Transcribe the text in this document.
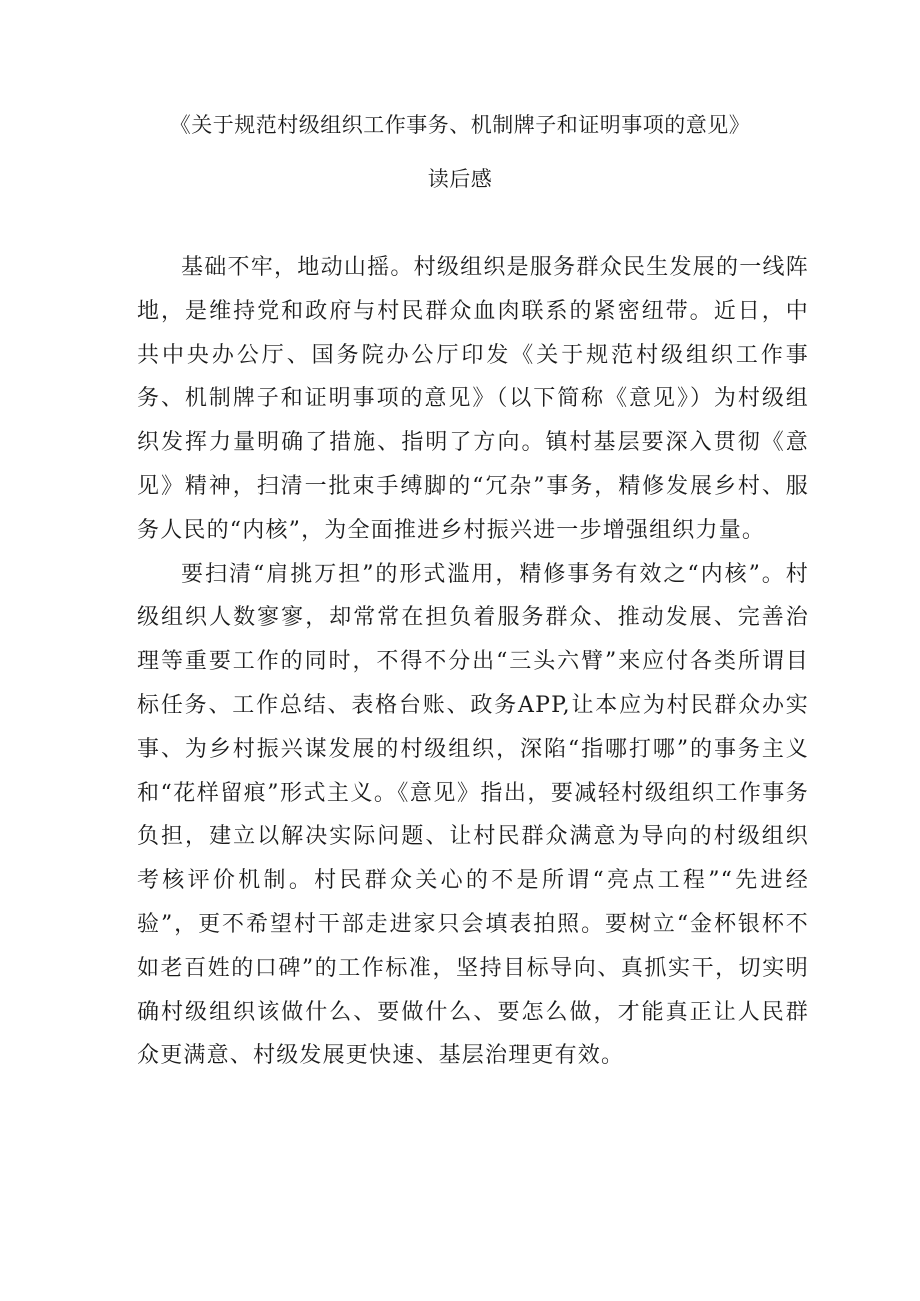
《关于规范村级组织工作事务、机制牌子和证明事项的意见》
读后感

基础不牢，地动山摇。村级组织是服务群众民生发展的一线阵地，是维持党和政府与村民群众血肉联系的紧密纽带。近日，中共中央办公厅、国务院办公厅印发《关于规范村级组织工作事务、机制牌子和证明事项的意见》（以下简称《意见》）为村级组织发挥力量明确了措施、指明了方向。镇村基层要深入贯彻《意见》精神，扫清一批束手缚脚的“冗杂”事务，精修发展乡村、服务人民的“内核”，为全面推进乡村振兴进一步增强组织力量。

要扫清“肩挑万担”的形式滥用，精修事务有效之“内核”。村级组织人数寥寥，却常常在担负着服务群众、推动发展、完善治理等重要工作的同时，不得不分出“三头六臂”来应付各类所谓目标任务、工作总结、表格台账、政务APP,让本应为村民群众办实事、为乡村振兴谋发展的村级组织，深陷“指哪打哪”的事务主义和“花样留痕”形式主义。《意见》指出，要减轻村级组织工作事务负担，建立以解决实际问题、让村民群众满意为导向的村级组织考核评价机制。村民群众关心的不是所谓“亮点工程”“先进经验”，更不希望村干部走进家只会填表拍照。要树立“金杯银杯不如老百姓的口碑”的工作标准，坚持目标导向、真抓实干，切实明确村级组织该做什么、要做什么、要怎么做，才能真正让人民群众更满意、村级发展更快速、基层治理更有效。
